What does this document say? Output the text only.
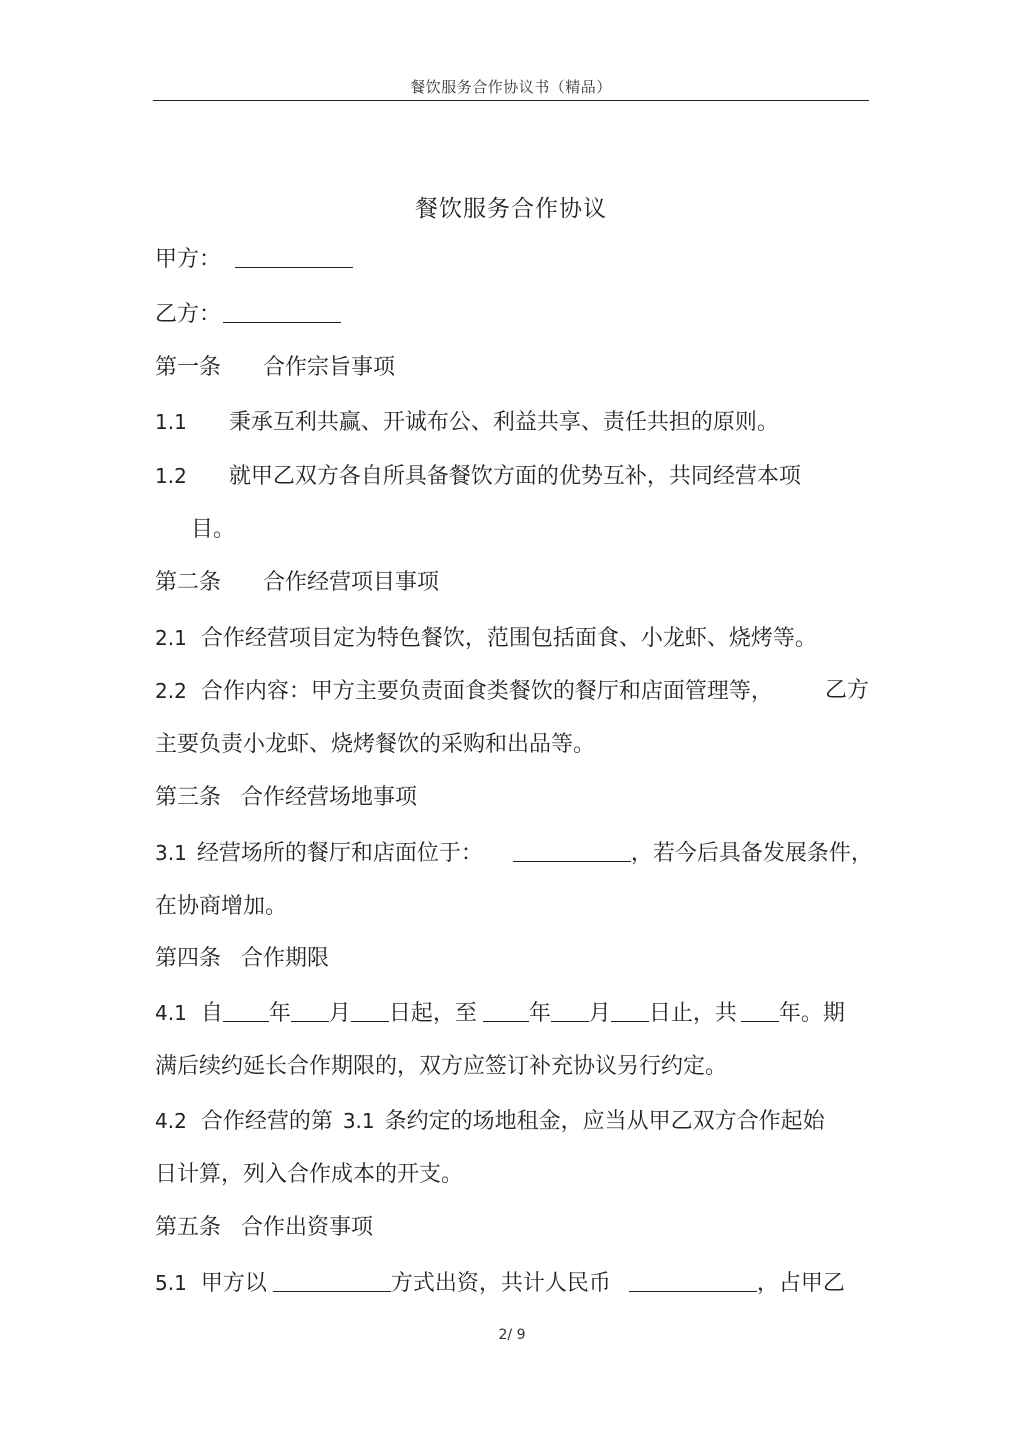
餐饮服务合作协议书（精品）
餐饮服务合作协议
甲方：
乙方：
第一条 合作宗旨事项
1.1 秉承互利共赢、开诚布公、利益共享、责任共担的原则。
1.2 就甲乙双方各自所具备餐饮方面的优势互补，共同经营本项
目。
第二条 合作经营项目事项
2.1 合作经营项目定为特色餐饮，范围包括面食、小龙虾、烧烤等。
2.2 合作内容：甲方主要负责面食类餐饮的餐厅和店面管理等， 乙方
主要负责小龙虾、烧烤餐饮的采购和出品等。
第三条 合作经营场地事项
3.1 经营场所的餐厅和店面位于：	，若今后具备发展条件，
在协商增加。
第四条 合作期限
4.1 自 年 月 日起，至 年 月 日止，共 年。期
满后续约延长合作期限的，双方应签订补充协议另行约定。
4.2 合作经营的第 3.1 条约定的场地租金，应当从甲乙双方合作起始
日计算，列入合作成本的开支。
第五条 合作出资事项
5.1 甲方以	方式出资，共计人民币	，占甲乙
2/ 9
